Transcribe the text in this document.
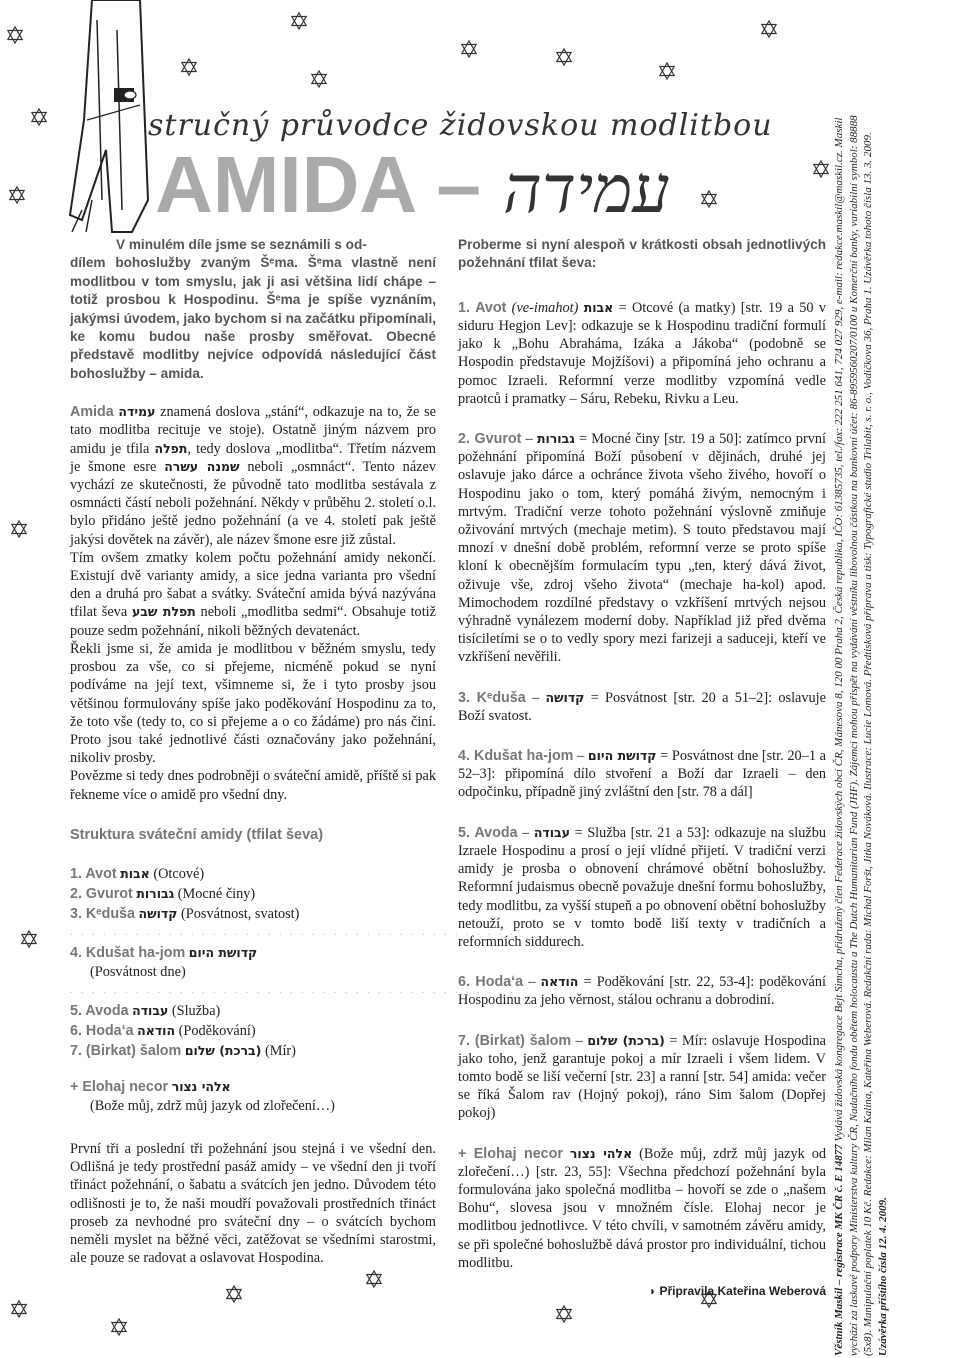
stručný průvodce židovskou modlitbou
AMIDA – עמידה
V minulém díle jsme se seznámili s od-
dílem bohoslužby zvaným Šᵉma. Šᵉma vlastně není modlitbou v tom smyslu, jak ji asi většina lidí chápe – totiž prosbou k Hospodinu. Šᵉma je spíše vyznáním, jakýmsi úvodem, jako bychom si na začátku připomínali, ke komu budou naše prosby směřovat. Obecné představě modlitby nejvíce odpovídá následující část bohoslužby – amida.

Amida עמידה znamená doslova „stání“, odkazuje na to, že se tato modlitba recituje ve stoje). Ostatně jiným názvem pro amidu je tfila תפלה, tedy doslova „modlitba“. Třetím názvem je šmone esre שמנה עשרה neboli „osmnáct“. Tento název vychází ze skutečnosti, že původně tato modlitba sestávala z osmnácti částí neboli požehnání. Někdy v průběhu 2. století o.l. bylo přidáno ještě jedno požehnání (a ve 4. století pak ještě jakýsi dovětek na závěr), ale název šmone esre již zůstal.

Tím ovšem zmatky kolem počtu požehnání amidy nekončí. Existují dvě varianty amidy, a sice jedna varianta pro všední den a druhá pro šabat a svátky. Sváteční amida bývá nazývána tfilat ševa תפלת שבע neboli „modlitba sedmi“. Obsahuje totiž pouze sedm požehnání, nikoli běžných devatenáct.

Řekli jsme si, že amida je modlitbou v běžném smyslu, tedy prosbou za vše, co si přejeme, nicméně pokud se nyní podíváme na její text, všimneme si, že i tyto prosby jsou většinou formulovány spíše jako poděkování Hospodinu za to, že toto vše (tedy to, co si přejeme a o co žádáme) pro nás činí. Proto jsou také jednotlivé části označovány jako požehnání, nikoliv prosby.

Povězme si tedy dnes podrobněji o sváteční amidě, příště si pak řekneme více o amidě pro všední dny.

Struktura sváteční amidy (tfilat ševa)
1. Avot אבות (Otcové)
2. Gvurot גבורות (Mocné činy)
3. Kᵉduša קדושה (Posvátnost, svatost)
. . . . . . . . . . . . . . . . . . . . . . . . . . . . . . . . . . . . . . . . .
4. Kdušat ha-jom קדושת היום
(Posvátnost dne)
. . . . . . . . . . . . . . . . . . . . . . . . . . . . . . . . . . . . . . . . .
5. Avoda עבודה (Služba)
6. Hodaʻa הודאה (Poděkování)
7. (Birkat) šalom (ברכת) שלום (Mír)
+ Elohaj necor אלהי נצור
(Bože můj, zdrž můj jazyk od zlořečení…)

První tři a poslední tři požehnání jsou stejná i ve všední den. Odlišná je tedy prostřední pasáž amidy – ve všední den ji tvoří třináct požehnání, o šabatu a svátcích jen jedno. Důvodem této odlišnosti je to, že naši moudří považovali prostředních třináct proseb za nevhodné pro sváteční dny – o svátcích bychom neměli myslet na běžné věci, zatěžovat se všedními starostmi, ale pouze se radovat a oslavovat Hospodina.

Proberme si nyní alespoň v krátkosti obsah jednotlivých požehnání tfilat ševa:
1. Avot (ve-imahot) אבות = Otcové (a matky) [str. 19 a 50 v siduru Hegjon Lev]: odkazuje se k Hospodinu tradiční formulí jako k „Bohu Abraháma, Izáka a Jákoba“ (podobně se Hospodin představuje Mojžíšovi) a připomíná jeho ochranu a pomoc Izraeli. Reformní verze modlitby vzpomíná vedle praotců i pramatky – Sáru, Rebeku, Rivku a Leu.
2. Gvurot – גבורות = Mocné činy [str. 19 a 50]: zatímco první požehnání připomíná Boží působení v dějinách, druhé jej oslavuje jako dárce a ochránce života všeho živého, hovoří o Hospodinu jako o tom, který pomáhá živým, nemocným i mrtvým. Tradiční verze tohoto požehnání výslovně zmiňuje oživování mrtvých (mechaje metim). S touto představou mají mnozí v dnešní době problém, reformní verze se proto spíše kloní k obecnějším formulacím typu „ten, který dává život, oživuje vše, zdroj všeho života“ (mechaje ha-kol) apod. Mimochodem rozdílné představy o vzkříšení mrtvých nejsou výhradně vynálezem moderní doby. Například již před dvěma tisíciletími se o to vedly spory mezi farizeji a saduceji, kteří ve vzkříšení nevěřili.
3. Kᵉduša – קדושה = Posvátnost [str. 20 a 51–2]: oslavuje Boží svatost.
4. Kdušat ha-jom – קדושת היום = Posvátnost dne [str. 20–1 a 52–3]: připomíná dílo stvoření a Boží dar Izraeli – den odpočinku, případně jiný zvláštní den [str. 78 a dál]
5. Avoda – עבודה = Služba [str. 21 a 53]: odkazuje na službu Izraele Hospodinu a prosí o její vlídné přijetí. V tradiční verzi amidy je prosba o obnovení chrámové obětní bohoslužby. Reformní judaismus obecně považuje dnešní formu bohoslužby, tedy modlitbu, za vyšší stupeň a po obnovení obětní bohoslužby netouží, proto se v tomto bodě liší texty v tradičních a reformních siddurech.
6. Hodaʻa – הודאה = Poděkování [str. 22, 53-4]: poděkování Hospodinu za jeho věrnost, stálou ochranu a dobrodiní.
7. (Birkat) šalom – (ברכת) שלום = Mír: oslavuje Hospodina jako toho, jenž garantuje pokoj a mír Izraeli i všem lidem. V tomto bodě se liší večerní [str. 23] a ranní [str. 54] amida: večer se říká Šalom rav (Hojný pokoj), ráno Sim šalom (Dopřej pokoj)
+ Elohaj necor אלהי נצור (Bože můj, zdrž můj jazyk od zlořečení…) [str. 23, 55]: Všechna předchozí požehnání byla formulována jako společná modlitba – hovoří se zde o „našem Bohu“, slovesa jsou v množném čísle. Elohaj necor je modlitbou jednotlivce. V této chvíli, v samotném závěru amidy, se při společné bohoslužbě dává prostor pro individuální, tichou modlitbu.
◗ Připravila Kateřina Weberová Věstník Maskil – registrace MK ČR č. E 14877 Vydává židovská kongregace Bejt Simcha, přidružený člen Federace židovských obcí ČR, Mánesova 8, 120 00 Praha 2, Česká republika, IČO: 61385735, tel./fax: 222 251 641, 724 027 929, e-mail: redakce.maskil@maskil.cz. Maskil vychází za laskavé podpory Ministerstva kultury ČR, Nadačního fondu obětem holocaustu a The Dutch Humanitarian Fund (JHF). Zájemci mohou přispět na vydávání věstníku libovolnou částkou na bankovní účet: 86-8959560207/0100 u Komerční banky, variabilní symbol: 88888 (5x8). Manipulační poplatek 10 Kč. Redakce: Milan Kalina, Kateřina Weberová. Redakční rada: Michal Foršt, Jitka Nováková. Ilustrace: Lucie Lomová. Předtisková příprava a tisk: Typografické studio Trilabit, s. r. o., Vodičkova 36, Praha 1. Uzávěrka tohoto čísla 13. 3. 2009. Uzávěrka příštího čísla 12. 4. 2009.
